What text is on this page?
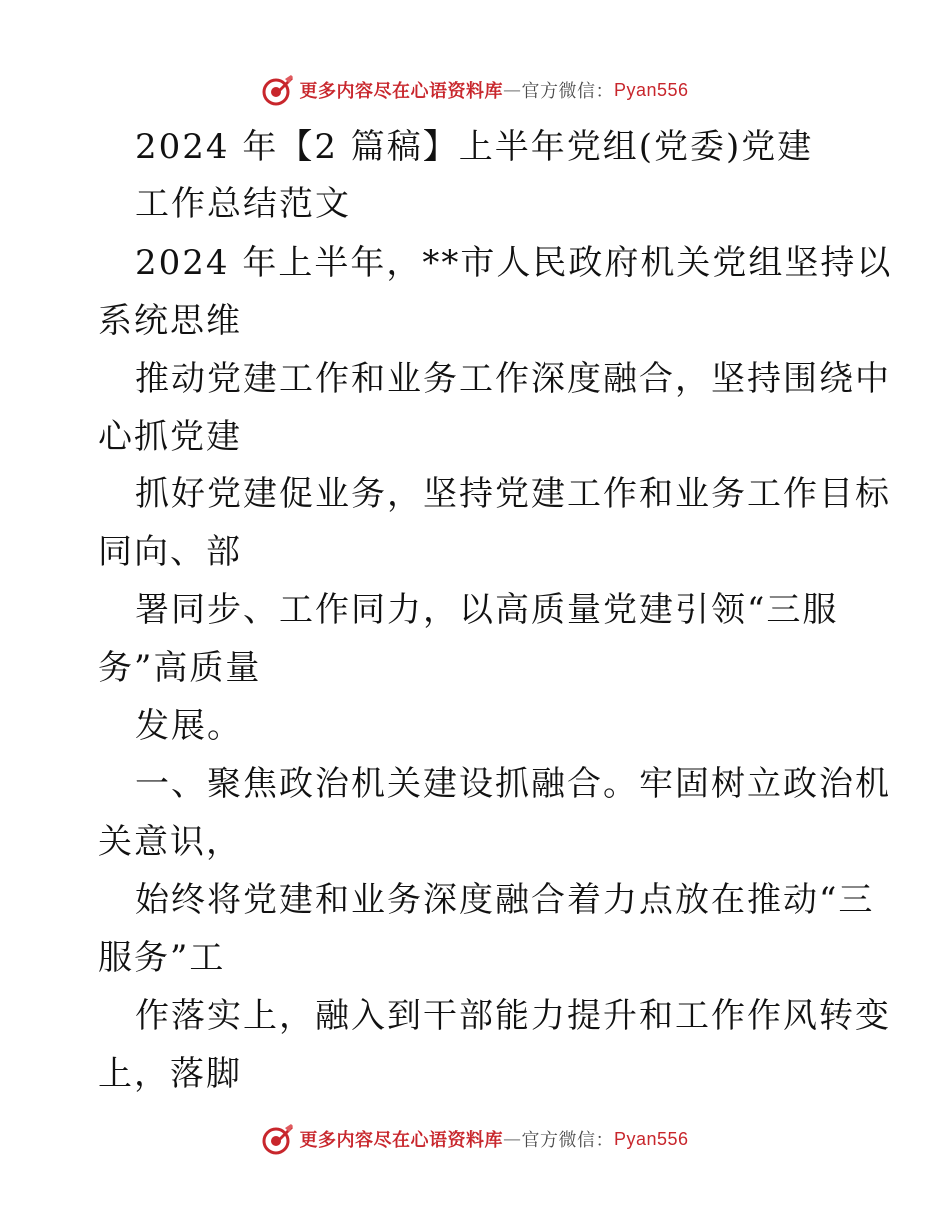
更多内容尽在心语资料库 — 官方微信： Pyan556
2024 年【2 篇稿】上半年党组(党委)党建
工作总结范文
2024 年上半年，**市人民政府机关党组坚持以
系统思维
推动党建工作和业务工作深度融合，坚持围绕中
心抓党建
抓好党建促业务，坚持党建工作和业务工作目标
同向、部
署同步、工作同力，以高质量党建引领“三服
务”高质量
发展。
一、聚焦政治机关建设抓融合。牢固树立政治机
关意识，
始终将党建和业务深度融合着力点放在推动“三
服务”工
作落实上，融入到干部能力提升和工作作风转变
上，落脚
更多内容尽在心语资料库 — 官方微信： Pyan556
